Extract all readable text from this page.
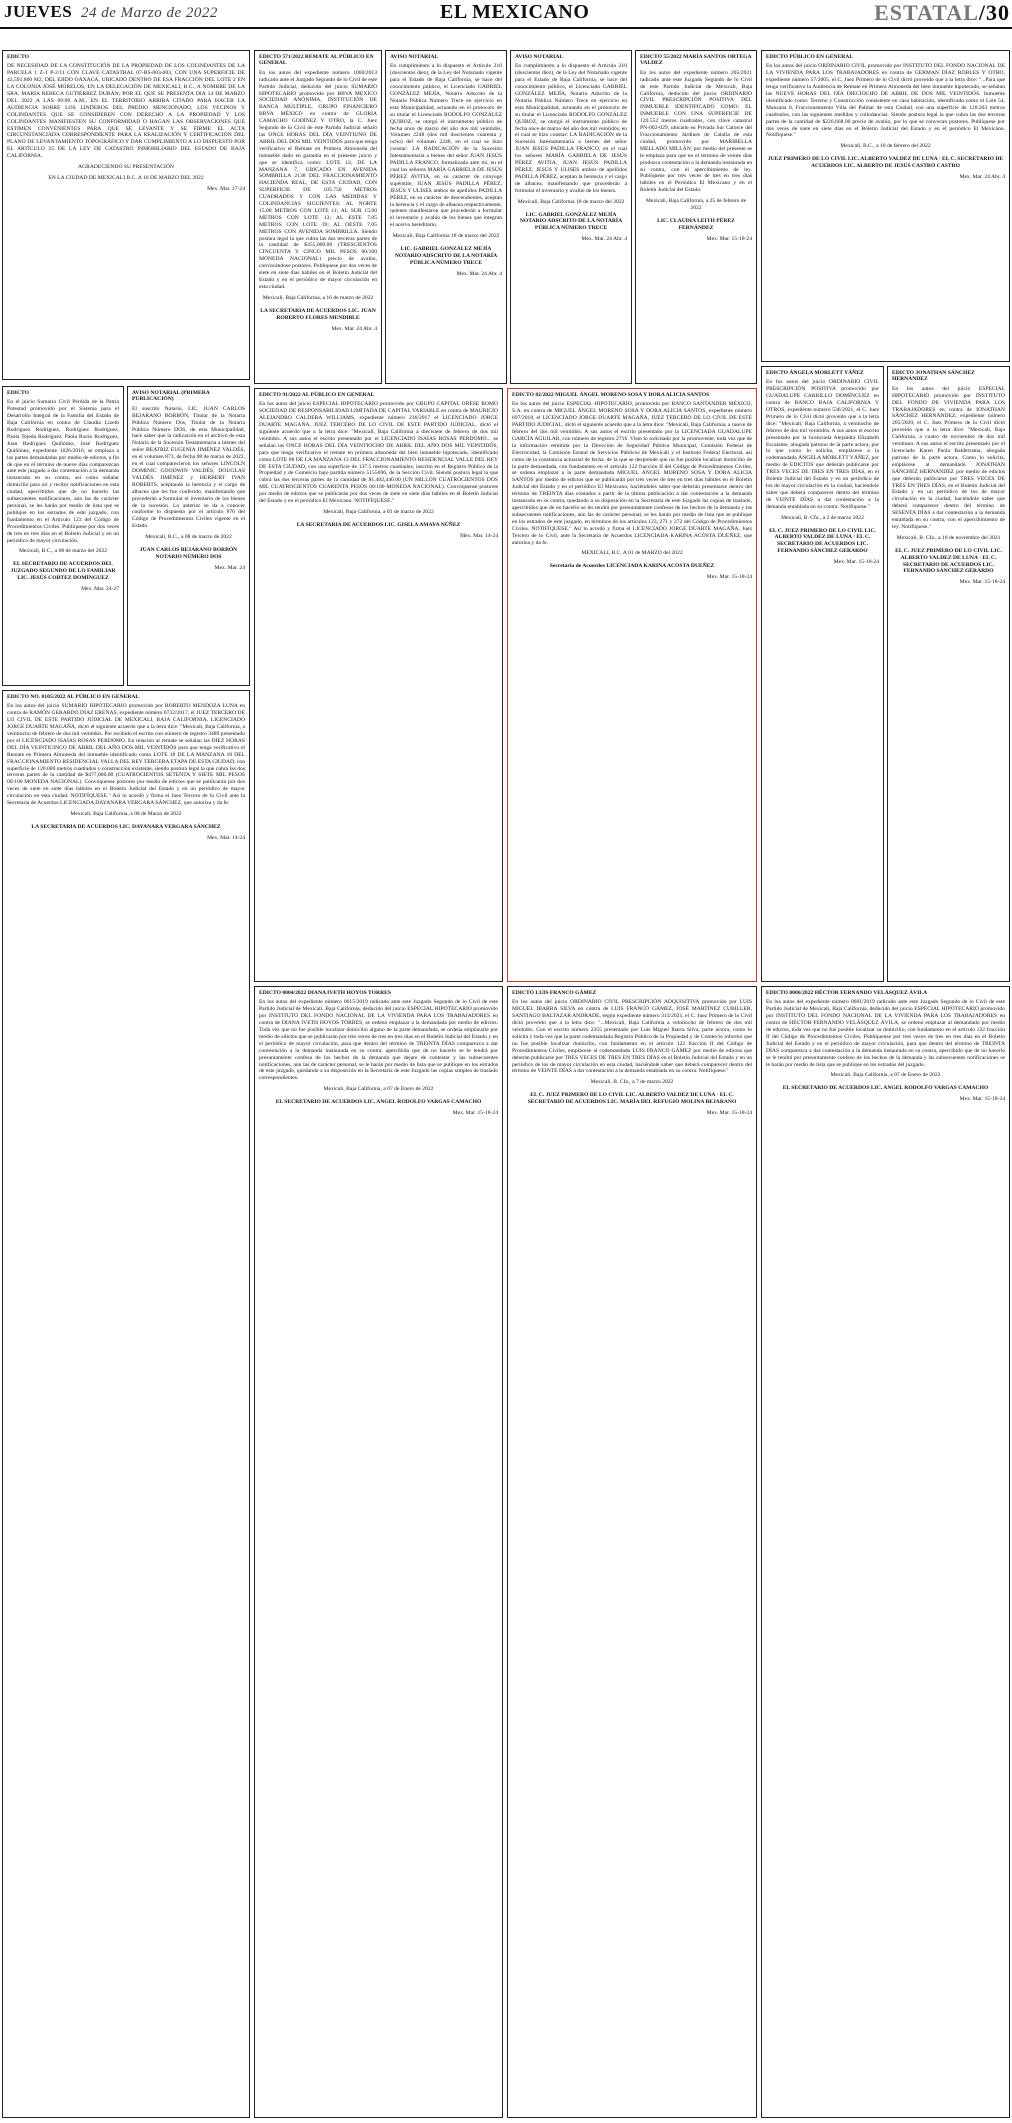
JUEVES 24 de Marzo de 2022	EL MEXICANO	ESTATAL/30
EDICTO

DE NECESIDAD DE LA CONSTITUCIÓN DE LA PROPIEDAD DE LOS COLINDANTES DE LA PARCELA 1 Z-1 P-2/11 CON CLAVE CATASTRAL 07-BS-003-003, CON UNA SUPERFICIE DE 43,591.800 M2, DEL EJIDO OAXACA, UBICADO DENTRO DE ESA FRACCIÓN DEL LOTE 2 EN LA COLONIA JOSÉ MORELOS, EN LA DELEGACIÓN DE MEXICALI, B.C., A NOMBRE DE LA SRA. MARÍA REBECA GUTIÉRREZ DURÁN; POR EL QUE SE PRESENTA DIA 14 DE MARZO DEL 2022 A LAS 09:00 A.M., EN EL TERRITORIO ARRIBA CITADO PARA HACER LA AUDIENCIA SOBRE LOS LINDEROS DEL PREDIO MENCIONADO, LOS VECINOS Y COLINDANTES QUE SE CONSIDEREN CON DERECHO A LA PROPIEDAD Y LOS COLINDANTES MANIFIESTEN SU CONFORMIDAD O HAGAN LAS OBSERVACIONES QUE ESTIMEN CONVENIENTES PARA QUE SE LEVANTE Y SE FIRME EL ACTA CIRCUNSTANCIADA CORRESPONDIENTE PARA LA REALIZACIÓN Y CERTIFICACIÓN DEL PLANO DE LEVANTAMIENTO TOPOGRÁFICO Y DAR CUMPLIMIENTO A LO DISPUESTO POR EL ARTÍCULO 25 DE LA LEY DE CATASTRO INMOBILIARIO DEL ESTADO DE BAJA CALIFORNIA.

AGRADECIENDO SU PRESENTACIÓN
EN LA CIUDAD DE MEXICALI B.C. A 16 DE MARZO DEL 2022
Mex. Mar. 17-24
EDICTO 571/2022 REMATE AL PÚBLICO EN GENERAL

En los autos del expediente número 1060/2013 radicado ante el Juzgado Segundo de lo Civil de este Partido Judicial, deducido del juicio SUMARIO HIPOTECARIO promovido por BBVA MEXICO SOCIEDAD ANÓNIMA, INSTITUCIÓN DE BANCA MÚLTIPLE, GRUPO FINANCIERO BBVA MÉXICO en contra de GLORIA CAMACHO GODÍNEZ Y OTRO, la C. Juez Segundo de lo Civil de este Partido Judicial señaló las ONCE HORAS DEL DÍA VEINTIUNO DE ABRIL DEL DOS MIL VEINTIDÓS para que tenga verificativo el Remate en Primera Almoneda del inmueble dado en garantía en el presente juicio y que se identifica como: LOTE 12, DE LA MANZANA 7, UBICADO EN AVENIDA SOMBRILLA 2138 DEL FRACCIONAMIENTO HACIENDA REAL, DE ESTA CIUDAD, CON SUPERFICIE DE 105.750 METROS CUADRADOS Y CON LAS MEDIDAS Y COLINDANCIAS SIGUIENTES: AL NORTE 15.00 METROS CON LOTE 11; AL SUR 15.00 METROS CON LOTE 13; AL ESTE 7.05 METROS CON LOTE 39; AL OESTE 7.05 METROS CON AVENIDA SOMBRILLA. Siendo postura legal la que cubra las dos terceras partes de la cantidad de $355,000.00 (TRESCIENTOS CINCUENTA Y CINCO MIL PESOS 00/100 MONEDA NACIONAL) precio de avalúo, convocándose postores. Publíquese por dos veces de siete en siete días hábiles en el Boletín Judicial del Estado y en el periódico de mayor circulación en esta ciudad.

Mexicali, Baja California, a 16 de marzo de 2022
LA SECRETARIA DE ACUERDOS LIC. JUAN ROBERTO FLORES MENDIBLE
Mex. Mar. 24 Abr. 4
AVISO NOTARIAL

En cumplimiento a lo dispuesto el Artículo 210 (doscientos diez), de la Ley del Notariado vigente para el Estado de Baja California, se hace del conocimiento público, el Licenciado GABRIEL GONZÁLEZ MEJÍA, Notario Adscrito de la Notaría Pública Número Trece en ejercicio en esta Municipalidad, actuando en el protocolo de su titular el Licenciado RODOLFO GONZÁLEZ QUIROZ, se otorgó el instrumento público de fecha once de marzo del año dos mil veintidós, Volumen 2248 (dos mil doscientos cuarenta y ocho) del volumen 2248, en el cual se hizo constar: LA RADICACIÓN de la Sucesión Intestamentaria a bienes del señor JUAN JESÚS PADILLA FRANCO, formalizada ante mí, en el cual los señores MARÍA GABRIELA DE JESÚS PÉREZ AVITIA, en su carácter de cónyuge supérstite, JUAN JESÚS PADILLA PÉREZ, JESÚS Y ULISES ambos de apellidos PADILLA PÉREZ, en su carácter de descendientes, aceptan la herencia y el cargo de albacea respectivamente, quienes manifestaron que procederán a formular el inventario y avalúo de los bienes que integran el acervo hereditario.

Mexicali, Baja California 18 de marzo del 2022
LIC. GABRIEL GONZÁLEZ MEJÍA NOTARIO ADSCRITO DE LA NOTARÍA PÚBLICA NÚMERO TRECE
Mex. Mar. 24 Abr. 4
AVISO NOTARIAL

En cumplimiento a lo dispuesto el Artículo 210 (doscientos diez), de la Ley del Notariado vigente para el Estado de Baja California, se hace del conocimiento público, el Licenciado GABRIEL GONZÁLEZ MEJÍA, Notario Adscrito de la Notaría Pública Número Trece en ejercicio en esta Municipalidad, actuando en el protocolo de su titular el Licenciado RODOLFO GONZÁLEZ QUIROZ, se otorgó el instrumento público de fecha once de marzo del año dos mil veintidós, en el cual se hizo constar: LA RADICACIÓN de la Sucesión Intestamentaria a bienes del señor JUAN JESÚS PADILLA FRANCO, en el cual los señores MARÍA GABRIELA DE JESÚS PÉREZ AVITIA, JUAN JESÚS PADILLA PÉREZ, JESÚS Y ULISES ambos de apellidos PADILLA PÉREZ, aceptan la herencia y el cargo de albacea, manifestando que procederán a formular el inventario y avalúo de los bienes.

Mexicali, Baja California 18 de marzo del 2022
LIC. GABRIEL GONZÁLEZ MEJÍA NOTARIO ADSCRITO DE LA NOTARÍA PÚBLICA NÚMERO TRECE
Mex. Mar. 24 Abr. 4
EDICTO 55/2022 MARÍA SANTOS ORTEGA VALDEZ

En los autos del expediente número 205/2021 radicado ante este Juzgado Segundo de lo Civil de este Partido Judicial de Mexicali, Baja California, deducido del juicio ORDINARIO CIVIL PRESCRIPCIÓN POSITIVA DEL INMUEBLE IDENTIFICADO COMO: EL INMUEBLE CON UNA SUPERFICIE DE 120.552 metros cuadrados, con clave catastral PN-002-029, ubicado en Privada Sur Catorce del Fraccionamiento Jardines de Calafia de esta ciudad, promovido por MARIBELLA MELLADO MILLÁN, por medio del presente se le emplaza para que en el término de veinte días produzca contestación a la demanda instaurada en su contra, con el apercibimiento de ley. Publíquese por tres veces de tres en tres días hábiles en el Periódico El Mexicano y en el Boletín Judicial del Estado.

Mexicali, Baja California, a 25 de febrero de 2022
LIC. CLAUDIA LEITH PÉREZ FERNÁNDEZ
Mex. Mar. 15-18-24
EDICTO PÚBLICO EN GENERAL

En los autos del juicio ORDINARIO CIVIL promovido por INSTITUTO DEL FONDO NACIONAL DE LA VIVIENDA PARA LOS TRABAJADORES en contra de GERMAN DÍAZ ROBLES Y OTRO, expediente número 57/2005, el C. Juez Primero de lo Civil dictó proveído que a la letra dice: "...Para que tenga verificativo la Audiencia de Remate en Primera Almoneda del bien inmueble hipotecado, se señalan las NUEVE HORAS DEL DÍA DIECIOCHO DE ABRIL DE DOS MIL VEINTIDÓS. Inmueble identificado como: Terreno y Construcción consistente en casa habitación, identificado como el Lote 54, Manzana 8, Fraccionamiento Villa del Palmar de esta Ciudad, con una superficie de 128.203 metros cuadrados, con las siguientes medidas y colindancias. Siendo postura legal la que cubra las dos terceras partes de la cantidad de $226,668.00 precio de avalúo, por lo que se convocan postores. Publíquese por dos veces de siete en siete días en el Boletín Judicial del Estado y en el periódico El Mexicano. Notifíquese."

Mexicali, B.C., a 10 de febrero del 2022
JUEZ PRIMERO DE LO CIVIL LIC. ALBERTO VALDEZ DE LUNA · EL C. SECRETARIO DE ACUERDOS LIC. ALBERTO DE JESÚS CASTRO CASTRO
Mex. Mar. 24 Abr. 4
EDICTO

En el juicio Sumario Civil Pérdida de la Patria Potestad promovido por el Sistema para el Desarrollo Integral de la Familia del Estado de Baja California en contra de Claudia Lizeth Rodríguez Rodríguez, Rodríguez Rodríguez, Paola Tejeda Rodríguez, Paola Rocío Rodríguez, Juan Rodríguez Quiñónez, José Rodríguez Quiñónez, expediente 1026/2016, se emplaza a las partes demandadas por medio de edictos, a fin de que en el término de nueve días comparezcan ante este juzgado a dar contestación a la demanda instaurada en su contra, así como señalar domicilio para oír y recibir notificaciones en esta ciudad, apercibidos que de no hacerlo las subsecuentes notificaciones, aún las de carácter personal, se les harán por medio de lista que se publique en los estrados de este juzgado, con fundamento en el Artículo 123 del Código de Procedimientos Civiles. Publíquese por dos veces de tres en tres días en el Boletín Judicial y en un periódico de mayor circulación.

Mexicali, B.C., a 08 de marzo del 2022
EL SECRETARIO DE ACUERDOS DEL JUZGADO SEGUNDO DE LO FAMILIAR LIC. JESÚS CORTEZ DOMÍNGUEZ
Mex. Mar. 24-27
AVISO NOTARIAL (PRIMERA PUBLICACIÓN)

El suscrito Notario, LIC. JUAN CARLOS BEJARANO BORBÓN, Titular de la Notaría Pública Número Dos, Titular de la Notaría Pública Número DOS, de esta Municipalidad, hace saber que la radicación en el archivo de esta Notaría de la Sucesión Testamentaria a bienes del señor BEATRIZ EUGENIA JIMÉNEZ VALDÉS, en el volumen 873, de fecha 08 de marzo de 2022, en el cual comparecieron los señores LINCOLN DOMINIC GOODWIN VALDÉS, DOUGLAS VALDÉS JIMÉNEZ y HERBERT IVAN ROBERTS, aceptando la herencia y el cargo de albacea que les fue conferido, manifestando que procederán a formular el inventario de los bienes de la sucesión. Lo anterior se da a conocer conforme lo dispuesto por el artículo 876 del Código de Procedimientos Civiles vigente en el Estado.

Mexicali, B.C., a 08 de marzo de 2022
JUAN CARLOS BEJARANO BORBÓN NOTARIO NÚMERO DOS
Mex. Mar. 24
EDICTO 91/2022 AL PÚBLICO EN GENERAL

En los autos del juicio ESPECIAL HIPOTECARIO promovido por GRUPO CAPITAL ORESE ROMO SOCIEDAD DE RESPONSABILIDAD LIMITADA DE CAPITAL VARIABLE en contra de MAURICIO ALEJANDRO CALDERA WILLIAMS, expediente número 236/2017 el LICENCIADO JORGE DUARTE MAGAÑA, JUEZ TERCERO DE LO CIVIL DE ESTE PARTIDO JUDICIAL, dictó el siguiente acuerdo que a la letra dice: "Mexicali, Baja California a diecisiete de febrero de dos mil veintidós. A sus autos el escrito presentado por el LICENCIADO ISAÍAS ROSAS PERDOMO... se señalan las ONCE HORAS DEL DÍA VEINTIOCHO DE ABRIL DEL AÑO DOS MIL VEINTIDÓS, para que tenga verificativo el remate en primera almoneda del bien inmueble hipotecado, identificado como LOTE 08 DE LA MANZANA 13 DEL FRACCIONAMIENTO RESIDENCIAL VALLE DEL REY DE ESTA CIUDAD, con una superficie de 137.5 metros cuadrados, inscrito en el Registro Público de la Propiedad y de Comercio bajo partida número 5155696, de la Sección Civil. Siendo postura legal la que cubra las dos terceras partes de la cantidad de $1,402,440.00 (UN MILLÓN CUATROCIENTOS DOS MIL CUATROCIENTOS CUARENTA PESOS 00/100 MONEDA NACIONAL). Convóquense postores por medio de edictos que se publicarán por dos veces de siete en siete días hábiles en el Boletín Judicial del Estado y en el periódico El Mexicano. NOTIFÍQUESE."

Mexicali, Baja California, a 03 de marzo de 2022
LA SECRETARIA DE ACUERDOS LIC. GISELA AMAYA NÚÑEZ
Mex. Mar. 14-24
EDICTO 82/2022 MIGUEL ÁNGEL MORENO SOSA Y DORA ALICIA SANTOS

En los autos del juicio ESPECIAL HIPOTECARIO, promovido por BANCO SANTANDER MÉXICO, S.A. en contra de MIGUEL ÁNGEL MORENO SOSA Y DORA ALICIA SANTOS, expediente número 697/2018, el LICENCIADO JORGE DUARTE MAGAÑA, JUEZ TERCERO DE LO CIVIL DE ESTE PARTIDO JUDICIAL, dictó el siguiente acuerdo que a la letra dice: "Mexicali, Baja California, a nueve de febrero del dos mil veintidós. A sus autos el escrito presentado por la LICENCIADA GUADALUPE GARCÍA AGUILAR, con número de registro 2716. Visto lo solicitado por la promovente, toda vez que de la información remitida por la Dirección de Seguridad Pública Municipal, Comisión Federal de Electricidad, la Comisión Estatal de Servicios Públicos de Mexicali y el Instituto Federal Electoral, así como de la constancia actuarial de fecha, de la que se desprende que no fue posible localizar domicilio de la parte demandada, con fundamento en el artículo 122 fracción II del Código de Procedimientos Civiles, se ordena emplazar a la parte demandada MIGUEL ÁNGEL MORENO SOSA Y DORA ALICIA SANTOS por medio de edictos que se publicarán por tres veces de tres en tres días hábiles en el Boletín Judicial del Estado y en el periódico El Mexicano, haciéndoles saber que deberán presentarse dentro del término de TREINTA días contados a partir de la última publicación a dar contestación a la demanda instaurada en su contra, quedando a su disposición en la Secretaría de este Juzgado las copias de traslado, apercibidos que de no hacerlo se les tendrá por presuntamente confesos de los hechos de la demanda y las subsecuentes notificaciones, aún las de carácter personal, se les harán por medio de lista que se publique en los estrados de este juzgado, en términos de los artículos 123, 271 y 272 del Código de Procedimientos Civiles. NOTIFÍQUESE." Así lo acordó y firma el LICENCIADO JORGE DUARTE MAGAÑA, Juez Tercero de lo Civil, ante la Secretaria de Acuerdos LICENCIADA KARINA ACOSTA DUEÑEZ, que autoriza y da fe.

MEXICALI, B.C. A 01 de MARZO del 2022
Secretaria de Acuerdos LICENCIADA KARINA ACOSTA DUEÑEZ
Mex. Mar. 15-18-24
EDICTO ÁNGELA MORLETT YÁÑEZ

En los autos del juicio ORDINARIO CIVIL PRESCRIPCIÓN POSITIVA promovido por GUADALUPE CARRILLO DOMÍNGUEZ en contra de BANCO BAJA CALIFORNIA Y OTROS, expediente número 536/2021, el C. Juez Primero de lo Civil dictó proveído que a la letra dice: "Mexicali, Baja California, a veintiocho de febrero de dos mil veintidós. A sus autos el escrito presentado por la licenciada Alejandra Elizabeth Escalante, abogada patrono de la parte actora, por lo que como lo solicita, emplácese a la codemandada ÁNGELA MORLETT YÁÑEZ, por medio de EDICTOS que deberán publicarse por TRES VECES DE TRES EN TRES DÍAS, en el Boletín Judicial del Estado y en un periódico de los de mayor circulación en la ciudad, haciéndole saber que deberá comparecer dentro del término de VEINTE DÍAS a dar contestación a la demanda entablada en su contra. Notifíquese."

Mexicali, B. Cfa., a 2 de marzo 2022
EL C. JUEZ PRIMERO DE LO CIVIL LIC. ALBERTO VALDEZ DE LUNA · EL C. SECRETARIO DE ACUERDOS LIC. FERNANDO SÁNCHEZ GERARDO
Mex. Mar. 15-18-24
EDICTO JONATHAN SÁNCHEZ HERNÁNDEZ

En los autos del juicio ESPECIAL HIPOTECARIO promovido por INSTITUTO DEL FONDO DE VIVIENDA PARA LOS TRABAJADORES en contra de JONATHAN SÁNCHEZ HERNÁNDEZ, expediente número 205/2020, el C. Juez Primero de lo Civil dictó proveído que a la letra dice: "Mexicali, Baja California, a cuatro de noviembre de dos mil veintiuno. A sus autos el escrito presentado por el licenciado Karen Paola Balderrama, abogada patrono de la parte actora. Como lo solicita, emplácese al demandado JONATHAN SÁNCHEZ HERNÁNDEZ por medio de edictos que deberán publicarse por TRES VECES DE TRES EN TRES DÍAS, en el Boletín Judicial del Estado y en un periódico de los de mayor circulación en la ciudad, haciéndole saber que deberá comparecer dentro del término de SESENTA DÍAS a dar contestación a la demanda entablada en su contra, con el apercibimiento de ley. Notifíquese."

Mexicali, B. Cfa., a 10 de noviembre del 2021
EL C. JUEZ PRIMERO DE LO CIVIL LIC. ALBERTO VALDEZ DE LUNA · EL C. SECRETARIO DE ACUERDOS LIC. FERNANDO SÁNCHEZ GERARDO
Mex. Mar. 15-18-24
EDICTO NO. 0105/2022 AL PÚBLICO EN GENERAL

En los autos del juicio SUMARIO HIPOTECARIO promovido por ROBERTO MENDOZA LUNA en contra de RAMÓN GERARDO DÍAZ ERENAS, expediente número 0732/2017, el JUEZ TERCERO DE LO CIVIL DE ESTE PARTIDO JUDICIAL DE MEXICALI, BAJA CALIFORNIA, LICENCIADO JORGE DUARTE MAGAÑA, dictó el siguiente acuerdo que a la letra dice: "Mexicali, Baja California, a veintiocho de febrero de dos mil veintidós. Por recibido el escrito con número de registro 3489 presentado por el LICENCIADO ISAÍAS ROSAS PERDOMO. En relación al remate se señalan las DIEZ HORAS DEL DÍA VEINTICINCO DE ABRIL DEL AÑO DOS MIL VEINTIDÓS para que tenga verificativo el Remate en Primera Almoneda del inmueble identificado como LOTE 18 DE LA MANZANA 18 DEL FRACCIONAMIENTO RESIDENCIAL VALLA DEL REY TERCERA ETAPA DE ESTA CIUDAD, con superficie de 120.000 metros cuadrados y construcción existente, siendo postura legal la que cubra las dos terceras partes de la cantidad de $477,000.00 (CUATROCIENTOS SETENTA Y SIETE MIL PESOS 00/100 MONEDA NACIONAL). Convóquense postores por medio de edictos que se publicarán por dos veces de siete en siete días hábiles en el Boletín Judicial del Estado y en un periódico de mayor circulación en esta ciudad. NOTIFÍQUESE." Así lo acordó y firma el Juez Tercero de lo Civil ante la Secretaria de Acuerdos LICENCIADA DAYANARA VERGARA SÁNCHEZ, que autoriza y da fe.

Mexicali, Baja California, a 08 de Marzo de 2022
LA SECRETARIA DE ACUERDOS LIC. DAYANARA VERGARA SÁNCHEZ
Mex. Mar. 14-24
EDICTO 0004/2022 DIANA IVETH HOYOS TORRES

En los autos del expediente número 0615/2019 radicado ante este Juzgado Segundo de lo Civil de este Partido Judicial de Mexicali, Baja California, deducido del juicio ESPECIAL HIPOTECARIO promovido por INSTITUTO DEL FONDO NACIONAL DE LA VIVIENDA PARA LOS TRABAJADORES en contra de DIANA IVETH HOYOS TORRES, se ordenó emplazar a la demandada por medio de edictos. Toda vez que no fue posible localizar domicilio alguno de la parte demandada, se ordena emplazarle por medio de edictos que se publicarán por tres veces de tres en tres días en el Boletín Judicial del Estado y en el periódico de mayor circulación, para que dentro del término de TREINTA DÍAS comparezca a dar contestación a la demanda instaurada en su contra, apercibida que de no hacerlo se le tendrá por presuntamente confesa de los hechos de la demanda que dejare de contestar y las subsecuentes notificaciones, aún las de carácter personal, se le harán por medio de lista que se publique en los estrados de este juzgado, quedando a su disposición en la Secretaría de este Juzgado las copias simples de traslado correspondientes.

Mexicali, Baja California, a 07 de Enero de 2022
EL SECRETARIO DE ACUERDOS LIC. ANGEL RODOLFO VARGAS CAMACHO
Mex. Mar. 15-18-24
EDICTO LUIS FRANCO GÁMEZ

En los autos del juicio ORDINARIO CIVIL PRESCRIPCIÓN ADQUISITIVA promovido por LUIS MIGUEL IBARRA SILVA en contra de LUIS FRANCO GÁMEZ, JOSÉ MARTÍNEZ CUBILLER, SANTIAGO BALTAZAR ANDRADE, según expediente número 313/2021, el C. Juez Primero de lo Civil dictó proveído que a la letra dice: "...Mexicali, Baja California a veintiocho de febrero de dos mil veintidós. Con el escrito número 2355 presentado por Luis Miguel Ibarra Silva, parte actora, como lo solicita y toda vez que la parte codemandada Registro Público de la Propiedad y de Comercio informó que no fue posible localizar domicilio, con fundamento en el artículo 122 fracción II del Código de Procedimientos Civiles, emplácese al codemandado LUIS FRANCO GÁMEZ por medio de edictos que deberán publicarse por TRES VECES DE TRES EN TRES DÍAS en el Boletín Judicial del Estado y en un periódico de los de mayor circulación en esta ciudad, haciéndole saber que deberá comparecer dentro del término de VEINTE DÍAS a dar contestación a la demanda entablada en su contra. Notifíquese."

Mexicali, B. Cfa., a 7 de marzo 2022
EL C. JUEZ PRIMERO DE LO CIVIL LIC. ALBERTO VALDEZ DE LUNA · EL C. SECRETARIO DE ACUERDOS LIC. MARÍA DEL REFUGIO MOLINA BEJARANO
Mex. Mar. 15-18-24
EDICTO 0006/2022 HÉCTOR FERNANDO VELÁSQUEZ ÁVILA

En los autos del expediente número 0681/2019 radicado ante este Juzgado Segundo de lo Civil de este Partido Judicial de Mexicali, Baja California, deducido del juicio ESPECIAL HIPOTECARIO promovido por INSTITUTO DEL FONDO NACIONAL DE LA VIVIENDA PARA LOS TRABAJADORES en contra de HÉCTOR FERNANDO VELÁSQUEZ ÁVILA, se ordenó emplazar al demandado por medio de edictos, toda vez que no fue posible localizar su domicilio, con fundamento en el artículo 122 fracción II del Código de Procedimientos Civiles. Publíquense por tres veces de tres en tres días en el Boletín Judicial del Estado y en el periódico de mayor circulación, para que dentro del término de TREINTA DÍAS comparezca a dar contestación a la demanda instaurada en su contra, apercibido que de no hacerlo se le tendrá por presuntamente confeso de los hechos de la demanda y las subsecuentes notificaciones se le harán por medio de lista que se publique en los estrados del juzgado.

Mexicali, Baja California, a 07 de Enero de 2022
EL SECRETARIO DE ACUERDOS LIC. ANGEL RODOLFO VARGAS CAMACHO
Mex. Mar. 15-18-24
